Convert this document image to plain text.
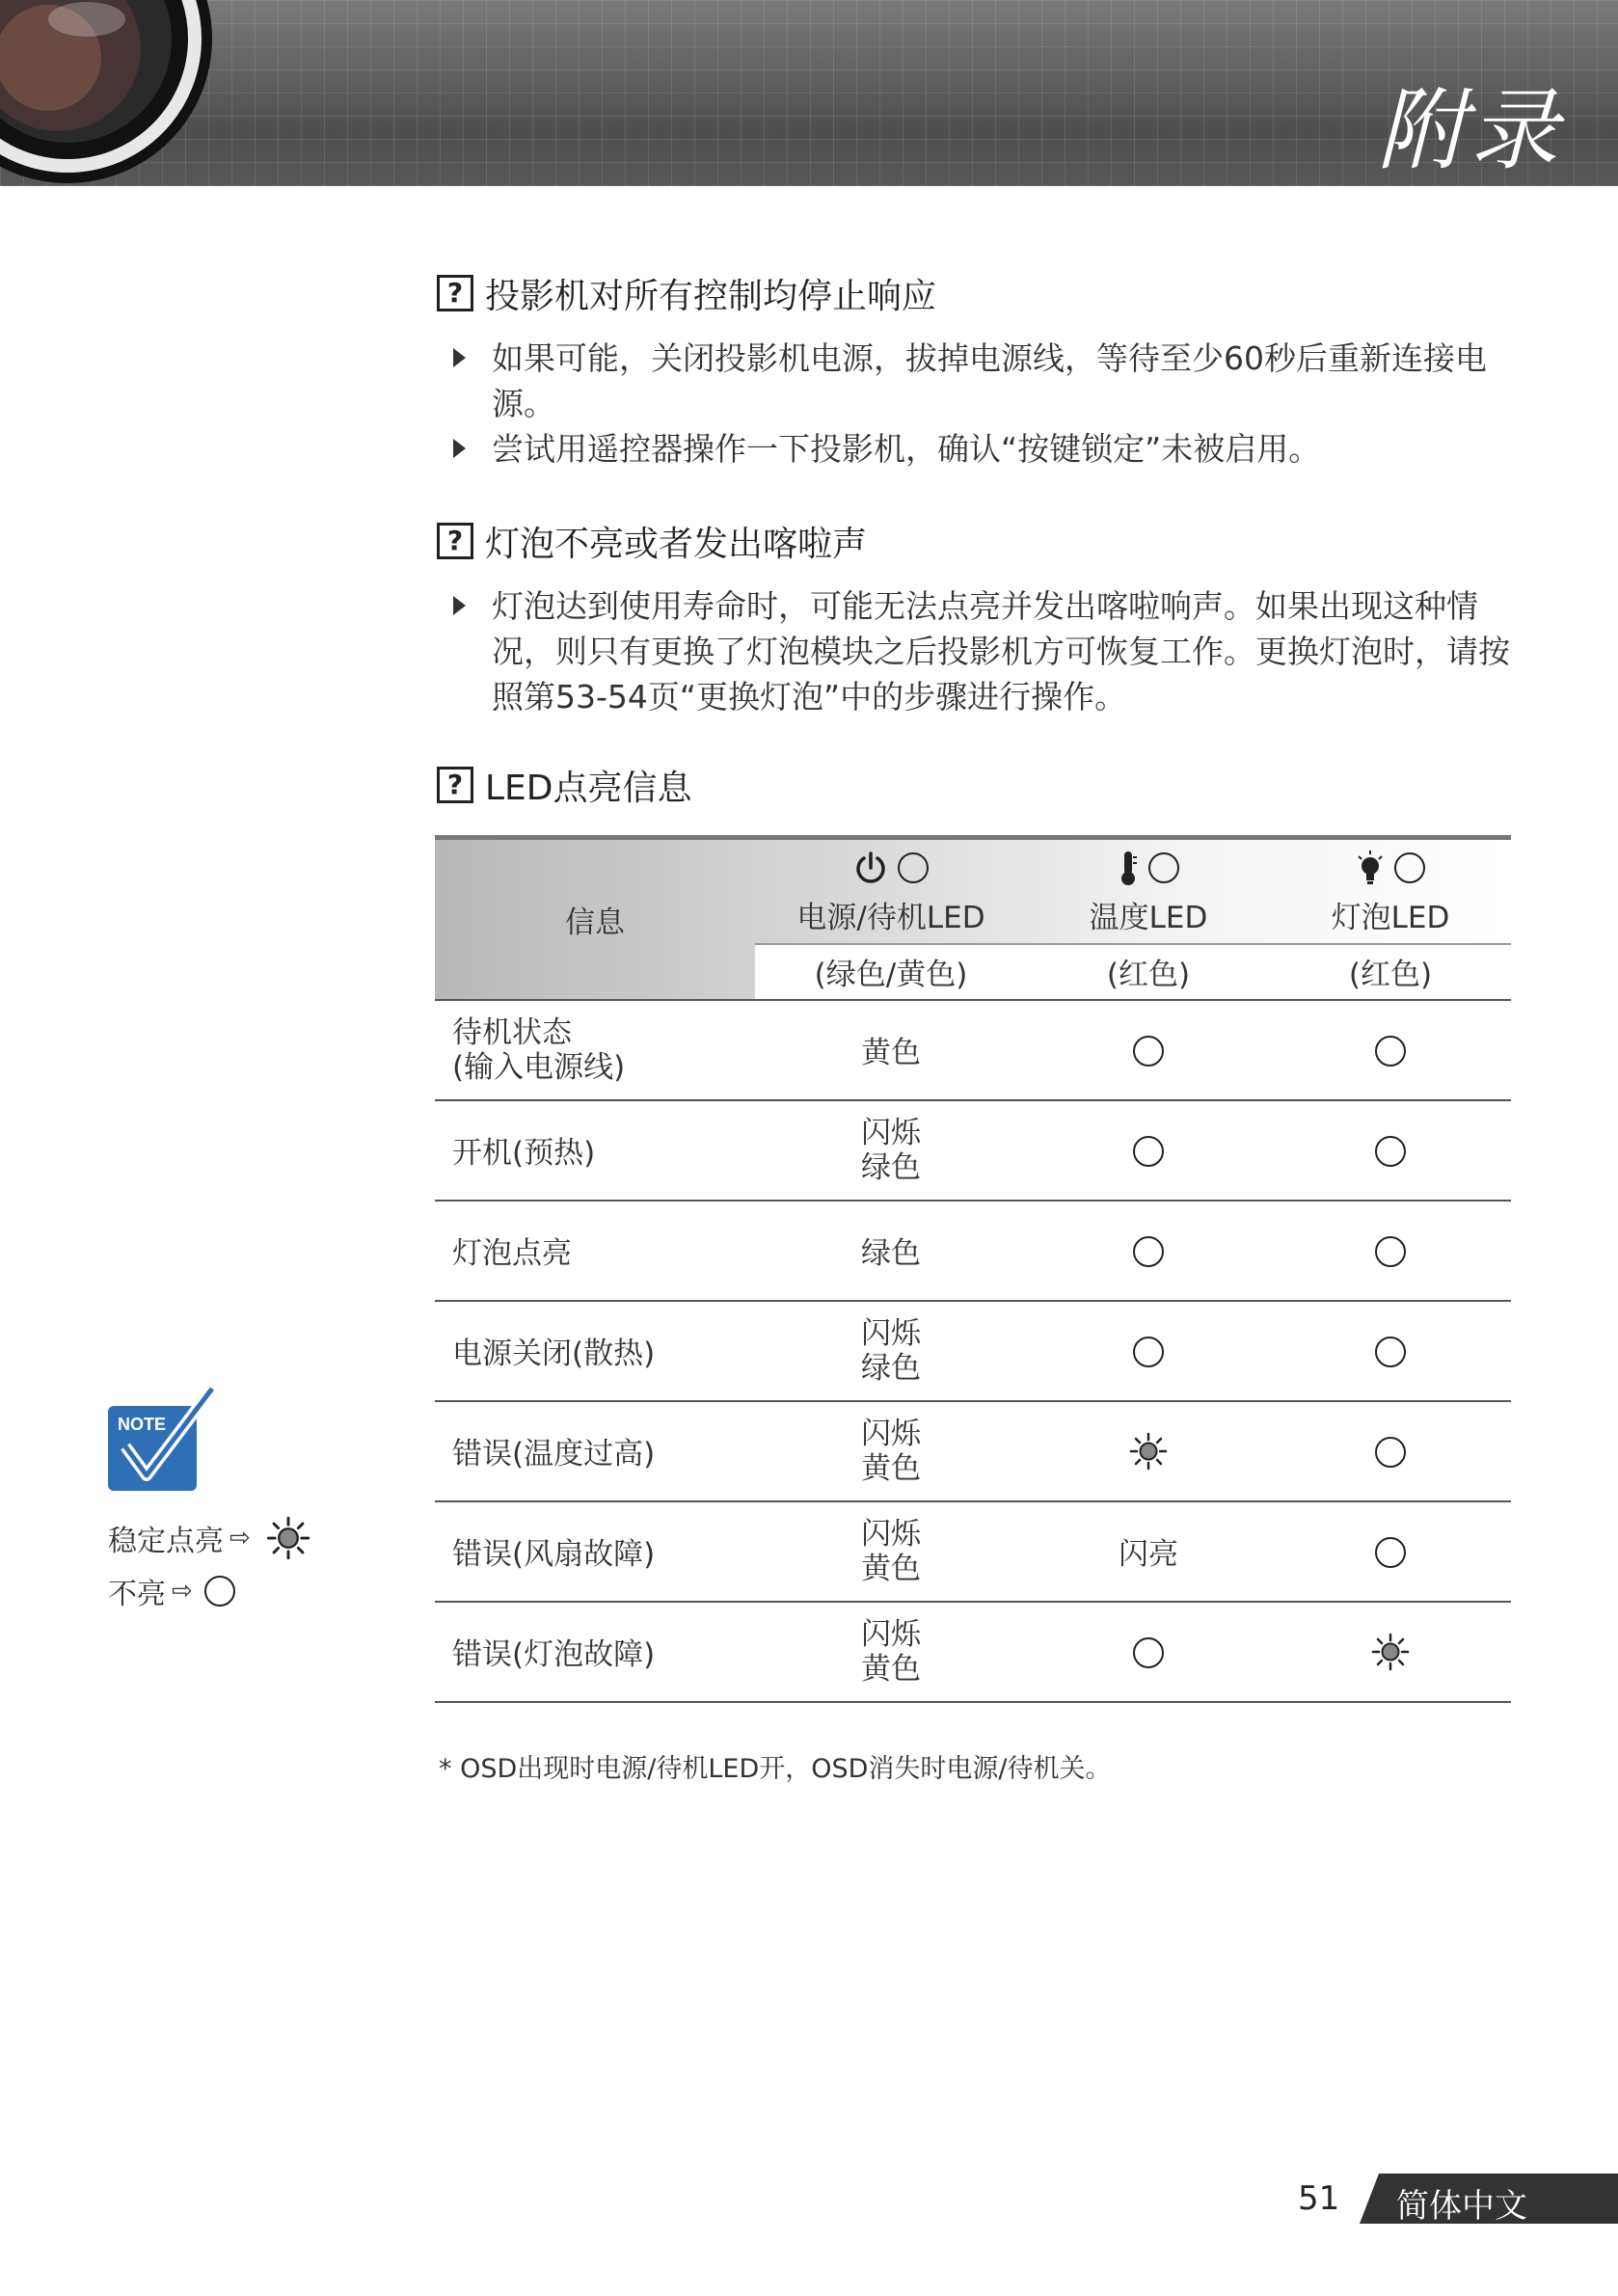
附录
? 投影机对所有控制均停止响应
如果可能，关闭投影机电源，拔掉电源线，等待至少60秒后重新连接电源。
尝试用遥控器操作一下投影机，确认“按键锁定”未被启用。
? 灯泡不亮或者发出喀啦声
灯泡达到使用寿命时，可能无法点亮并发出喀啦响声。如果出现这种情况，则只有更换了灯泡模块之后投影机方可恢复工作。更换灯泡时，请按照第53-54页“更换灯泡”中的步骤进行操作。
? LED点亮信息
信息	电源/待机LED	温度LED	灯泡LED

	(绿色/黄色)	(红色)	(红色)
待机状态
(输入电源线)	黄色		
开机(预热)	闪烁
绿色		
灯泡点亮	绿色		
电源关闭(散热)	闪烁
绿色		
错误(温度过高)	闪烁
黄色		
错误(风扇故障)	闪烁
黄色	闪亮	
错误(灯泡故障)	闪烁
黄色		

* OSD出现时电源/待机LED开，OSD消失时电源/待机关。

NOTE
稳定点亮 ⇨
不亮 ⇨

51 简体中文
